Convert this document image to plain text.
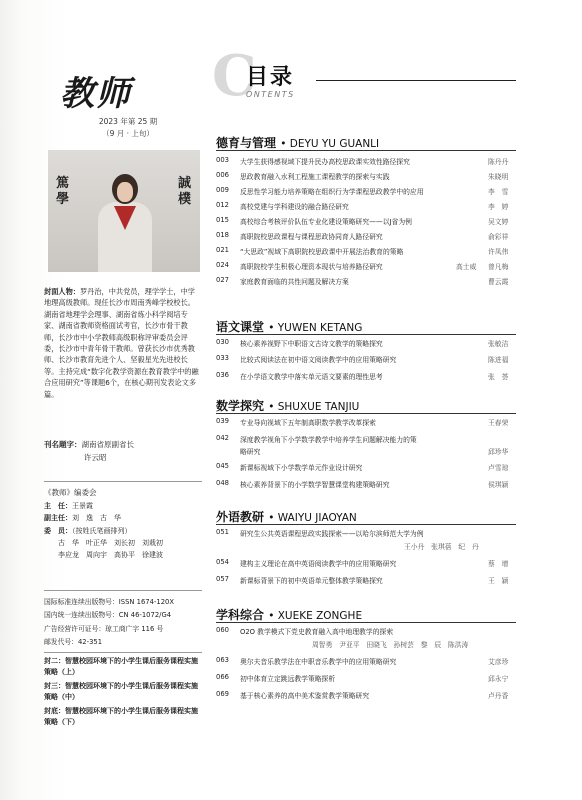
教师
2023 年第 25 期
（9 月 · 上旬）
篤學
誠樸
封面人物：罗丹治，中共党员，理学学士，中学地理高级教师。现任长沙市周南秀峰学校校长。湖南省地理学会理事、湖南省炼小科学阅培专家、湖南省教师资格面试考官，长沙市骨干教师，长沙市中小学教师高级职称评审委员会评委，长沙市中青年骨干教师。曾获长沙市优秀教师、长沙市教育先进个人、坚毅星光先进校长等。主持完成“数字化教学资源在教育教学中的融合应用研究”等课题6个，在核心期刊发表论文多篇。
刊名题字：湖南省原副省长
许云昭
《教师》编委会
主　任：王景霞
副主任：刘　逸　古　华
委　员：（按姓氏笔画排列）
古　华　叶正华　刘长初　刘栽初
李应龙　周向宇　高协平　徐建波
国际标准连续出版物号：ISSN 1674-120X
国内统一连续出版物号：CN 46-1072/G4
广告经营许可证号：琼工商广字 116 号
邮发代号：42-351
封二：智慧校园环境下的小学生课后服务课程实施策略（上）
封三：智慧校园环境下的小学生课后服务课程实施策略（中）
封底：智慧校园环境下的小学生课后服务课程实施策略（下）
C
目录
ONTENTS
德育与管理 • DEYU YU GUANLI
003 大学生获得感视域下提升民办高校思政课实效性路径探究	陈丹丹
006 思政教育融入水利工程施工课程教学的探索与实践	朱晓明
009 反思性学习能力培养策略在组织行为学课程思政教学中的应用	李　雪
012 高校党建与学科建设的融合路径研究	李　婷
015 高校综合考核评价队伍专业化建设策略研究——以J省为例	吴文婷
018 高职院校思政课程与课程思政协同育人路径研究	俞彩祥
021 “大思政”视域下高职院校思政课中开展法治教育的策略	许凤伟
024 高职院校学生积极心理资本现状与培养路径研究	高士威 曾凡梅
027 家庭教育面临的共性问题及解决方案	曹云霞
语文课堂 • YUWEN KETANG
030 核心素养视野下中职语文古诗文教学的策略探究	张敏洁
033 比较式阅读法在初中语文阅读教学中的应用策略研究	陈进福
036 在小学语文教学中落实单元语文要素的理性思考	张　荟
数学探究 • SHUXUE TANJIU
039 专业导向视域下五年制高职数学教学改革探索	王春荣
042 深度教学视角下小学数学教学中培养学生问题解决能力的策
略研究	邱珍华
045 新课标视域下小学数学单元作业设计研究	卢雪琼
048 核心素养背景下的小学数学智慧课堂构建策略研究	侯琪颖
外语教研 • WAIYU JIAOYAN
051 研究生公共英语课程思政实践探索——以哈尔滨师范大学为例
王小丹　张琪蓓　纪　丹
054 建构主义理论在高中英语阅读教学中的应用策略研究	蔡　增
057 新课标背景下的初中英语单元整体教学策略探究	王　颖
学科综合 • XUEKE ZONGHE
060 O2O 教学模式下党史教育融入高中地理教学的探索
周智勇　尹亚平　田晓飞　孙树芸　黎　辰　陈洪涛
063 奥尔夫音乐教学法在中职音乐教学中的应用策略研究	艾彦珍
066 初中体育立定跳远教学策略探析	邱永宁
069 基于核心素养的高中美术鉴赏教学策略研究	卢丹香
